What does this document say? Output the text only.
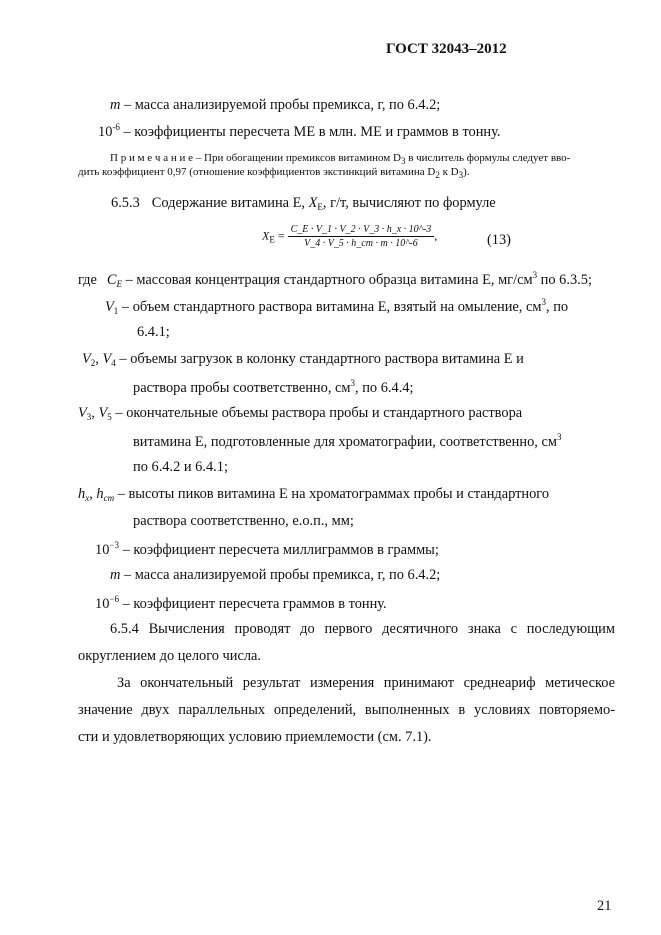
ГОСТ 32043–2012
m – масса анализируемой пробы премикса, г, по 6.4.2;
$10^{-6}$ – коэффициенты пересчета МЕ в млн. МЕ и граммов в тонну.
П р и м е ч а н и е – При обогащении премиксов витамином $D_3$ в числитель формулы следует вво-
дить коэффициент 0,97 (отношение коэффициентов экстинкций витамина $D_2$ к $D_3$).
6.5.3 Содержание витамина Е, $X_E$, г/т, вычисляют по формуле
$X_E = \frac{C\_E \cdot V\_1 \cdot V\_2 \cdot V\_3 \cdot h\_x \cdot 10\^{}-3}{V\_4 \cdot V\_5 \cdot h\_cm \cdot m \cdot 10\^{}-6}$ ,	(13)
где $C_E$ – массовая концентрация стандартного образца витамина Е, $мг/см^3$ по 6.3.5;
$V_1$ – объем стандартного раствора витамина Е, взятый на омыление, $см^3$, по
6.4.1;
$V_2$, $V_4$ – объемы загрузок в колонку стандартного раствора витамина Е и
раствора пробы соответственно, $см^3$, по 6.4.4;
$V_3$, $V_5$ – окончательные объемы раствора пробы и стандартного раствора
витамина Е, подготовленные для хроматографии, соответственно, $см^3$
по 6.4.2 и 6.4.1;
$h_x$, $h_{cm}$ – высоты пиков витамина Е на хроматограммах пробы и стандартного
раствора соответственно, е.о.п., мм;
$10^{-3}$ – коэффициент пересчета миллиграммов в граммы;
m – масса анализируемой пробы премикса, г, по 6.4.2;
$10^{-6}$ – коэффициент пересчета граммов в тонну.
6.5.4 Вычисления проводят до первого десятичного знака с последующим
округлением до целого числа.
За окончательный результат измерения принимают среднеариф метическое
значение двух параллельных определений, выполненных в условиях повторяемо-
сти и удовлетворяющих условию приемлемости (см. 7.1).
21
